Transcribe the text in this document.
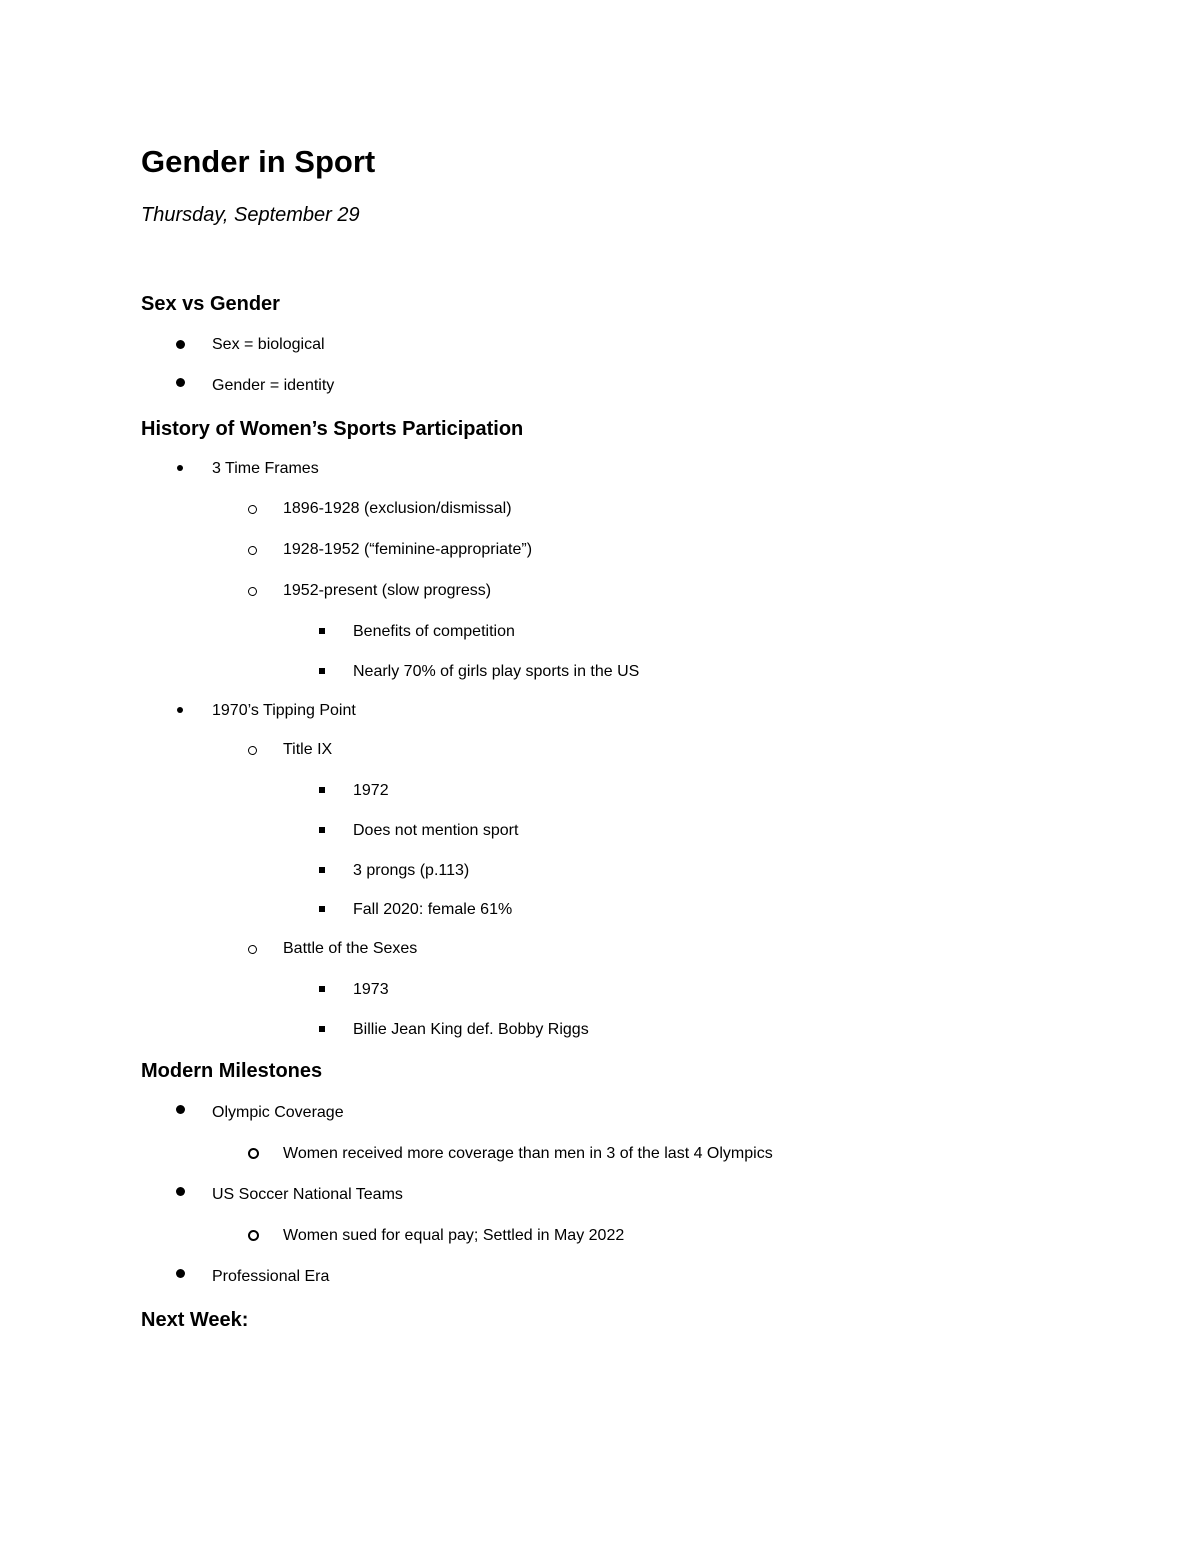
Gender in Sport
Thursday, September 29
Sex vs Gender
Sex = biological
Gender = identity
History of Women’s Sports Participation
3 Time Frames
1896-1928 (exclusion/dismissal)
1928-1952 (“feminine-appropriate”)
1952-present (slow progress)
Benefits of competition
Nearly 70% of girls play sports in the US
1970’s Tipping Point
Title IX
1972
Does not mention sport
3 prongs (p.113)
Fall 2020: female 61%
Battle of the Sexes
1973
Billie Jean King def. Bobby Riggs
Modern Milestones
Olympic Coverage
Women received more coverage than men in 3 of the last 4 Olympics
US Soccer National Teams
Women sued for equal pay; Settled in May 2022
Professional Era
Next Week:
